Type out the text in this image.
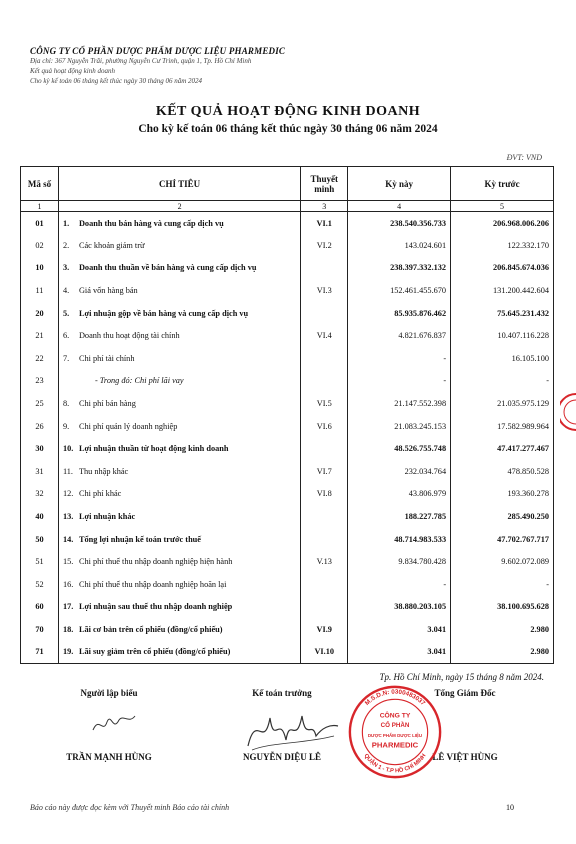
CÔNG TY CỔ PHẦN DƯỢC PHẨM DƯỢC LIỆU PHARMEDIC
Địa chỉ: 367 Nguyễn Trãi, phường Nguyễn Cư Trinh, quận 1, Tp. Hồ Chí Minh
Kết quả hoạt động kinh doanh
Cho kỳ kế toán 06 tháng kết thúc ngày 30 tháng 06 năm 2024
KẾT QUẢ HOẠT ĐỘNG KINH DOANH
Cho kỳ kế toán 06 tháng kết thúc ngày 30 tháng 06 năm 2024
ĐVT: VND
Mã số	CHỈ TIÊU	Thuyết minh	Kỳ này	Kỳ trước
1	2	3	4	5
01	1. Doanh thu bán hàng và cung cấp dịch vụ	VI.1	238.540.356.733	206.968.006.206
02	2. Các khoản giảm trừ	VI.2	143.024.601	122.332.170
10	3. Doanh thu thuần về bán hàng và cung cấp dịch vụ		238.397.332.132	206.845.674.036
11	4. Giá vốn hàng bán	VI.3	152.461.455.670	131.200.442.604
20	5. Lợi nhuận gộp về bán hàng và cung cấp dịch vụ		85.935.876.462	75.645.231.432
21	6. Doanh thu hoạt động tài chính	VI.4	4.821.676.837	10.407.116.228
22	7. Chi phí tài chính		-	16.105.100
23	- Trong đó: Chi phí lãi vay		-	-
25	8. Chi phí bán hàng	VI.5	21.147.552.398	21.035.975.129
26	9. Chi phí quản lý doanh nghiệp	VI.6	21.083.245.153	17.582.989.964
30	10. Lợi nhuận thuần từ hoạt động kinh doanh		48.526.755.748	47.417.277.467
31	11. Thu nhập khác	VI.7	232.034.764	478.850.528
32	12. Chi phí khác	VI.8	43.806.979	193.360.278
40	13. Lợi nhuận khác		188.227.785	285.490.250
50	14. Tổng lợi nhuận kế toán trước thuế		48.714.983.533	47.702.767.717
51	15. Chi phí thuế thu nhập doanh nghiệp hiện hành	V.13	9.834.780.428	9.602.072.089
52	16. Chi phí thuế thu nhập doanh nghiệp hoãn lại		-	-
60	17. Lợi nhuận sau thuế thu nhập doanh nghiệp		38.880.203.105	38.100.695.628
70	18. Lãi cơ bản trên cổ phiếu (đồng/cổ phiếu)	VI.9	3.041	2.980
71	19. Lãi suy giảm trên cổ phiếu (đồng/cổ phiếu)	VI.10	3.041	2.980
Tp. Hồ Chí Minh, ngày 15 tháng 8 năm 2024.
Người lập biểu
TRẦN MẠNH HÙNG
Kế toán trưởng
NGUYỄN DIỆU LÊ
Tổng Giám Đốc
LÊ VIỆT HÙNG
M.S.D.N: 0300483037
QUẬN 1 - T.P HỒ CHÍ MINH
CÔNG TY
CỔ PHẦN
DƯỢC PHẨM DƯỢC LIỆU
PHARMEDIC
Báo cáo này được đọc kèm với Thuyết minh Báo cáo tài chính	10
